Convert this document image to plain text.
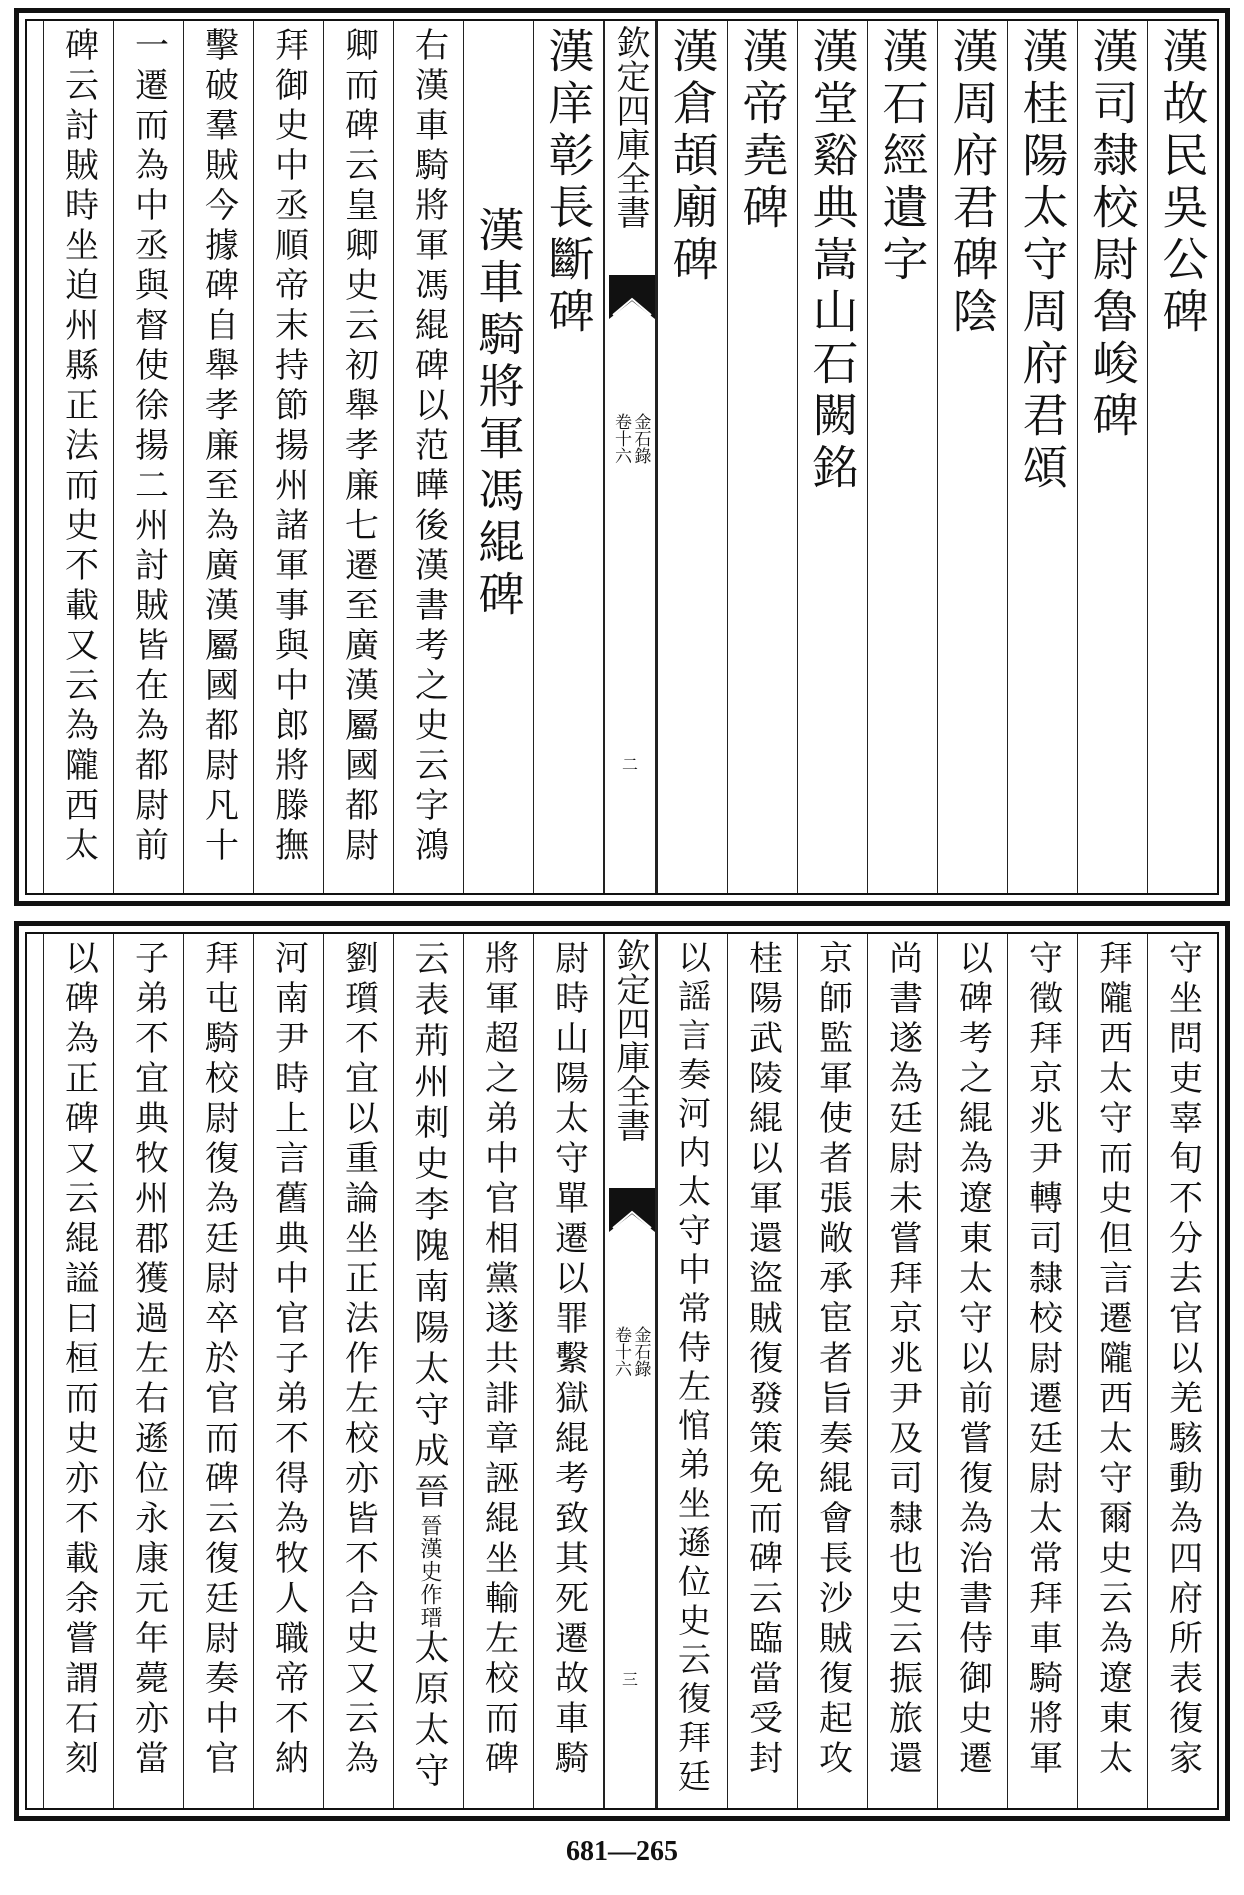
漢故民吳公碑
漢司隸校尉魯峻碑
漢桂陽太守周府君頌
漢周府君碑陰
漢石經遺字
漢堂谿典嵩山石闕銘
漢帝堯碑
漢倉頡廟碑
欽定四庫全書
金石錄
卷十六
二
漢庠彰長斷碑
漢車騎將軍馮緄碑
右漢車騎將軍馮緄碑以范曄後漢書考之史云字鴻
卿而碑云皇卿史云初舉孝廉七遷至廣漢屬國都尉
拜御史中丞順帝末持節揚州諸軍事與中郎將滕撫
擊破羣賊今據碑自舉孝廉至為廣漢屬國都尉凡十
一遷而為中丞與督使徐揚二州討賊皆在為都尉前
碑云討賊時坐迫州縣正法而史不載又云為隴西太
守坐問吏辜旬不分去官以羌駭動為四府所表復家
拜隴西太守而史但言遷隴西太守爾史云為遼東太
守徵拜京兆尹轉司隸校尉遷廷尉太常拜車騎將軍
以碑考之緄為遼東太守以前嘗復為治書侍御史遷
尚書遂為廷尉未嘗拜京兆尹及司隸也史云振旅還
京師監軍使者張敞承宦者旨奏緄會長沙賊復起攻
桂陽武陵緄以軍還盜賊復發策免而碑云臨當受封
以謡言奏河内太守中常侍左悺弟坐遜位史云復拜廷
欽定四庫全書
金石錄
卷十六
三
尉時山陽太守單遷以罪繫獄緄考致其死遷故車騎
將軍超之弟中官相黨遂共誹章誣緄坐輸左校而碑
云表荊州刺史李隗南陽太守成晉晉漢史作瑨太原太守
劉瓆不宜以重論坐正法作左校亦皆不合史又云為
河南尹時上言舊典中官子弟不得為牧人職帝不納
拜屯騎校尉復為廷尉卒於官而碑云復廷尉奏中官
子弟不宜典牧州郡獲過左右遜位永康元年薨亦當
以碑為正碑又云緄謚曰桓而史亦不載余嘗謂石刻
681—265
